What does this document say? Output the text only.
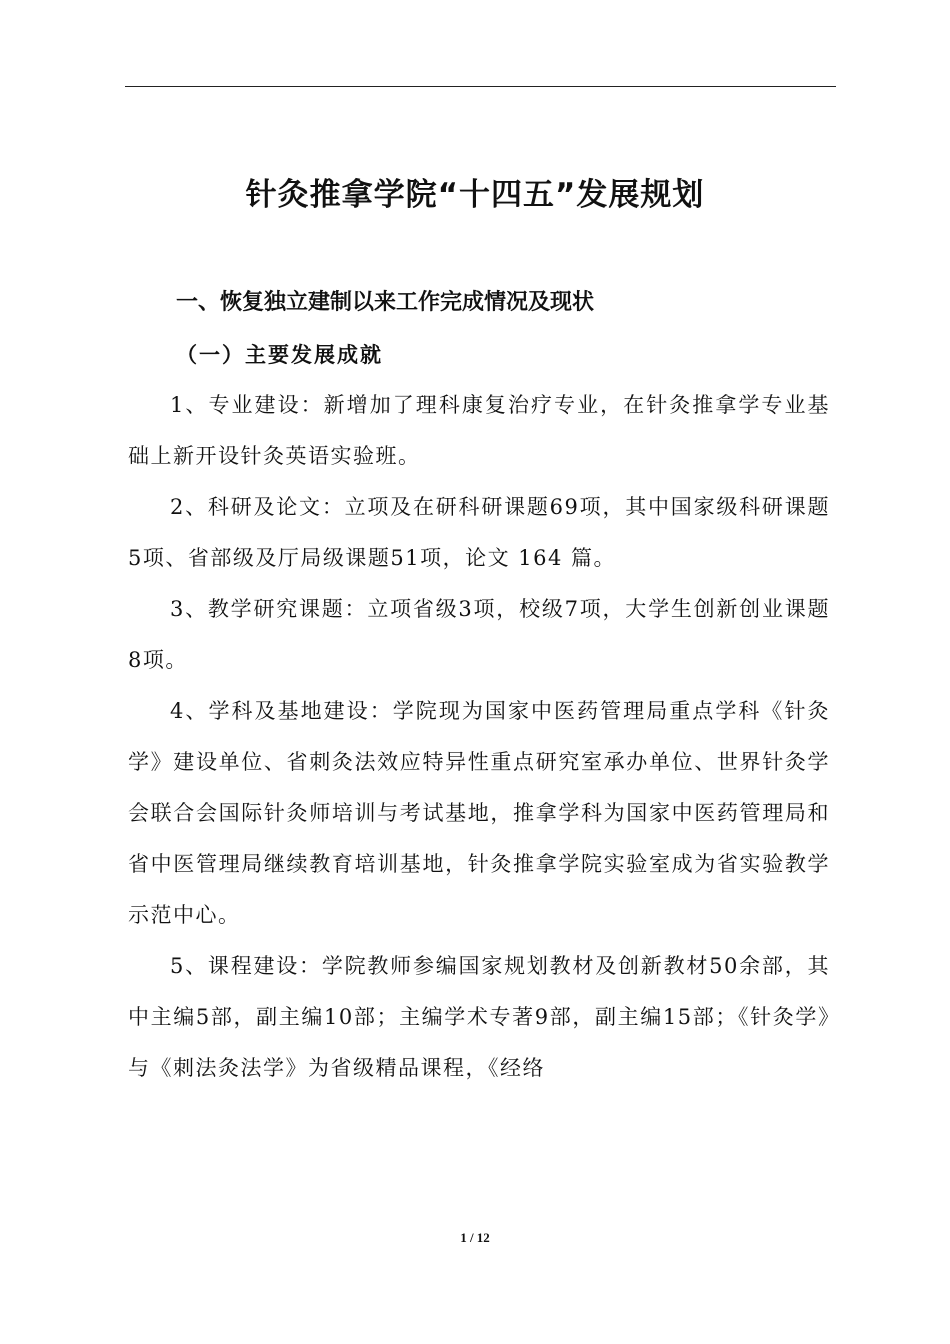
针灸推拿学院“十四五”发展规划
一、恢复独立建制以来工作完成情况及现状
（一）主要发展成就

1、专业建设：新增加了理科康复治疗专业，在针灸推拿学专业基础上新开设针灸英语实验班。

2、科研及论文：立项及在研科研课题69项，其中国家级科研课题5项、省部级及厅局级课题51项，论文 164 篇。

3、教学研究课题：立项省级3项，校级7项，大学生创新创业课题8项。

4、学科及基地建设：学院现为国家中医药管理局重点学科《针灸学》建设单位、省刺灸法效应特异性重点研究室承办单位、世界针灸学会联合会国际针灸师培训与考试基地，推拿学科为国家中医药管理局和省中医管理局继续教育培训基地，针灸推拿学院实验室成为省实验教学示范中心。

5、课程建设：学院教师参编国家规划教材及创新教材50余部，其中主编5部，副主编10部；主编学术专著9部，副主编15部；《针灸学》与《刺法灸法学》为省级精品课程，《经络

1 / 12
